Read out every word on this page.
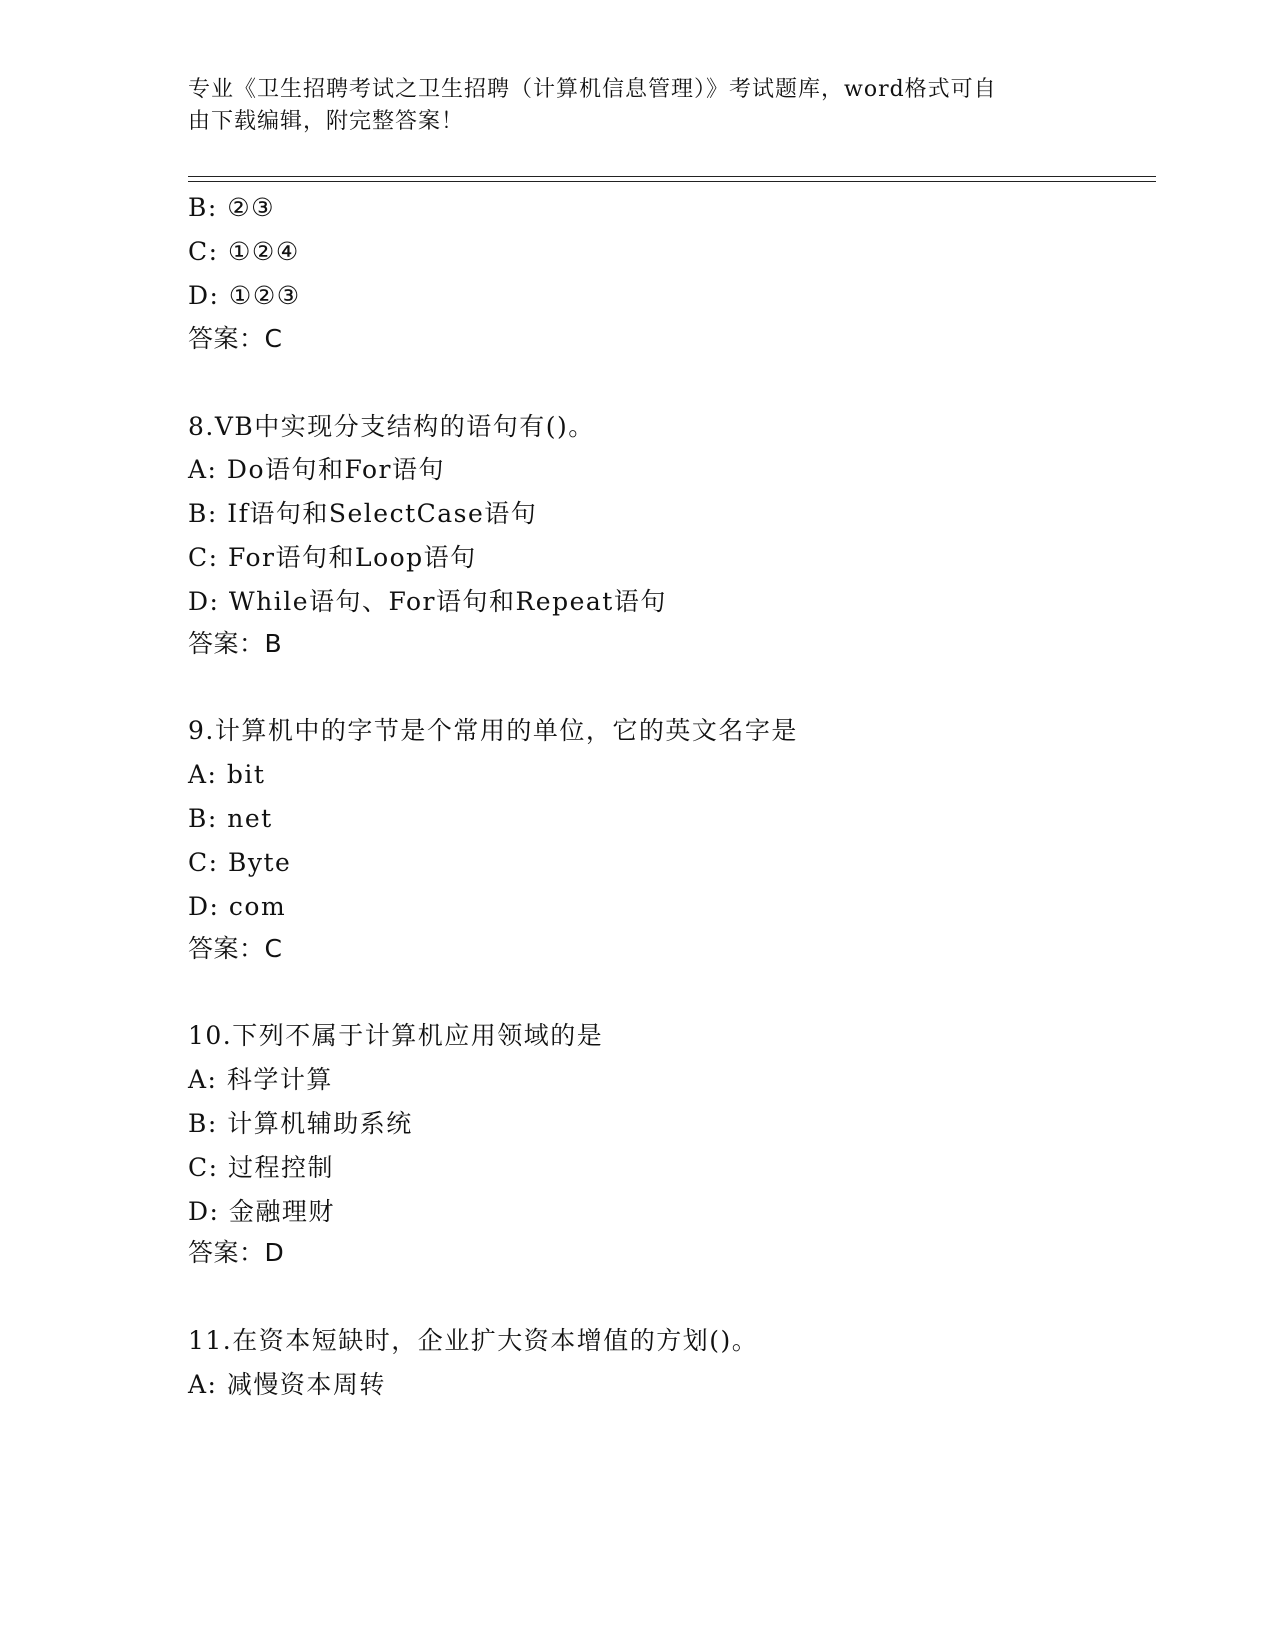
专业《卫生招聘考试之卫生招聘（计算机信息管理）》考试题库，word格式可自
由下载编辑，附完整答案！
B: ②③
C: ①②④
D: ①②③
答案：C
8.VB中实现分支结构的语句有()。
A: Do语句和For语句
B: If语句和SelectCase语句
C: For语句和Loop语句
D: While语句、For语句和Repeat语句
答案：B
9.计算机中的字节是个常用的单位，它的英文名字是
A: bit
B: net
C: Byte
D: com
答案：C
10.下列不属于计算机应用领域的是
A: 科学计算
B: 计算机辅助系统
C: 过程控制
D: 金融理财
答案：D
11.在资本短缺时，企业扩大资本增值的方划()。
A: 减慢资本周转
